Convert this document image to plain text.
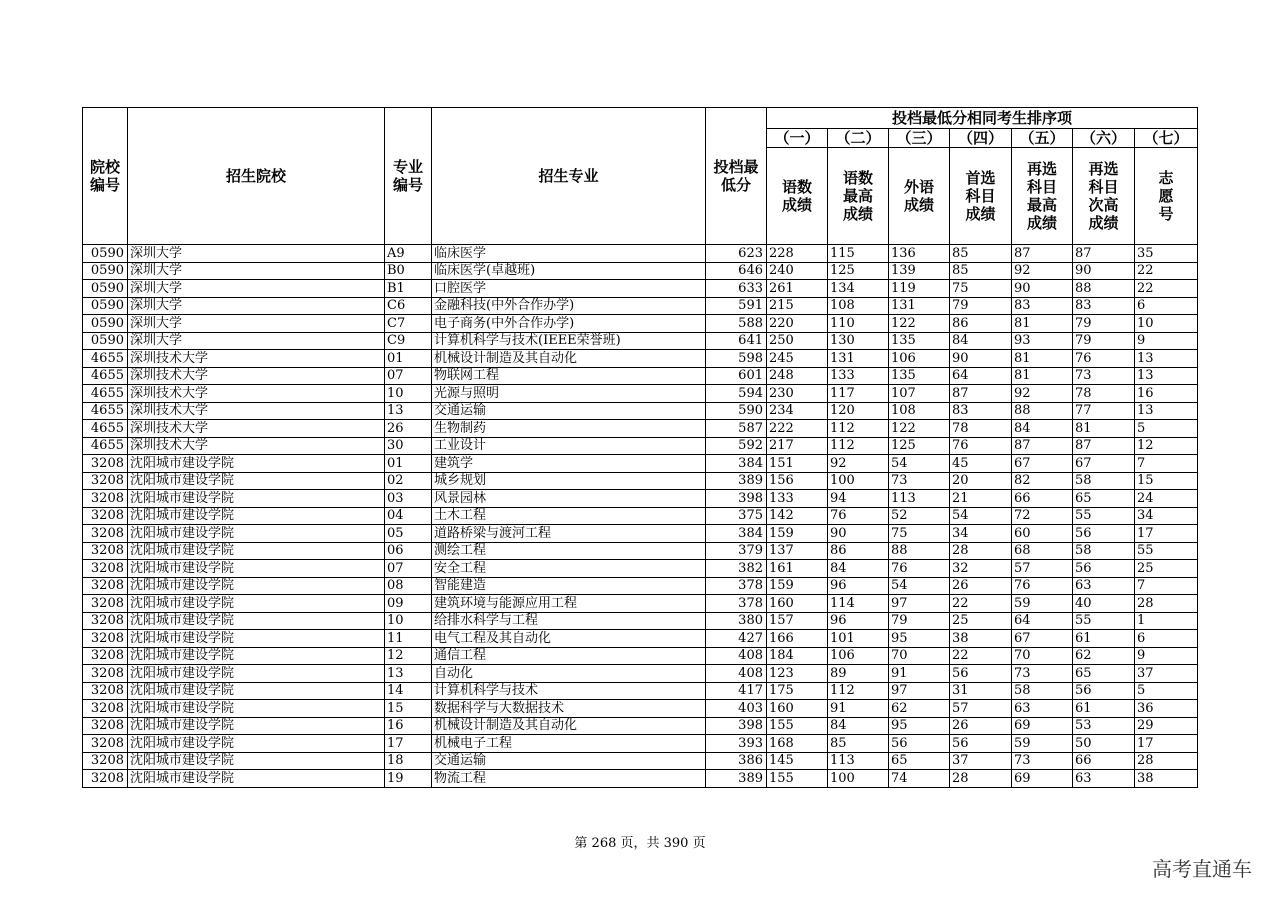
院校编号	招生院校	专业编号	招生专业	投档最低分	投档最低分相同考生排序项						
					（一）	（二）	（三）	（四）	（五）	（六）	（七）
					语数成绩	语数最高成绩	外语成绩	首选科目成绩	再选科目最高成绩	再选科目次高成绩	志愿号
0590	深圳大学	A9	临床医学	623	228	115	136	85	87	87	35
0590	深圳大学	B0	临床医学(卓越班)	646	240	125	139	85	92	90	22
0590	深圳大学	B1	口腔医学	633	261	134	119	75	90	88	22
0590	深圳大学	C6	金融科技(中外合作办学)	591	215	108	131	79	83	83	6
0590	深圳大学	C7	电子商务(中外合作办学)	588	220	110	122	86	81	79	10
0590	深圳大学	C9	计算机科学与技术(IEEE荣誉班)	641	250	130	135	84	93	79	9
4655	深圳技术大学	01	机械设计制造及其自动化	598	245	131	106	90	81	76	13
4655	深圳技术大学	07	物联网工程	601	248	133	135	64	81	73	13
4655	深圳技术大学	10	光源与照明	594	230	117	107	87	92	78	16
4655	深圳技术大学	13	交通运输	590	234	120	108	83	88	77	13
4655	深圳技术大学	26	生物制药	587	222	112	122	78	84	81	5
4655	深圳技术大学	30	工业设计	592	217	112	125	76	87	87	12
3208	沈阳城市建设学院	01	建筑学	384	151	92	54	45	67	67	7
3208	沈阳城市建设学院	02	城乡规划	389	156	100	73	20	82	58	15
3208	沈阳城市建设学院	03	风景园林	398	133	94	113	21	66	65	24
3208	沈阳城市建设学院	04	土木工程	375	142	76	52	54	72	55	34
3208	沈阳城市建设学院	05	道路桥梁与渡河工程	384	159	90	75	34	60	56	17
3208	沈阳城市建设学院	06	测绘工程	379	137	86	88	28	68	58	55
3208	沈阳城市建设学院	07	安全工程	382	161	84	76	32	57	56	25
3208	沈阳城市建设学院	08	智能建造	378	159	96	54	26	76	63	7
3208	沈阳城市建设学院	09	建筑环境与能源应用工程	378	160	114	97	22	59	40	28
3208	沈阳城市建设学院	10	给排水科学与工程	380	157	96	79	25	64	55	1
3208	沈阳城市建设学院	11	电气工程及其自动化	427	166	101	95	38	67	61	6
3208	沈阳城市建设学院	12	通信工程	408	184	106	70	22	70	62	9
3208	沈阳城市建设学院	13	自动化	408	123	89	91	56	73	65	37
3208	沈阳城市建设学院	14	计算机科学与技术	417	175	112	97	31	58	56	5
3208	沈阳城市建设学院	15	数据科学与大数据技术	403	160	91	62	57	63	61	36
3208	沈阳城市建设学院	16	机械设计制造及其自动化	398	155	84	95	26	69	53	29
3208	沈阳城市建设学院	17	机械电子工程	393	168	85	56	56	59	50	17
3208	沈阳城市建设学院	18	交通运输	386	145	113	65	37	73	66	28
3208	沈阳城市建设学院	19	物流工程	389	155	100	74	28	69	63	38
第 268 页，共 390 页
高考直通车
